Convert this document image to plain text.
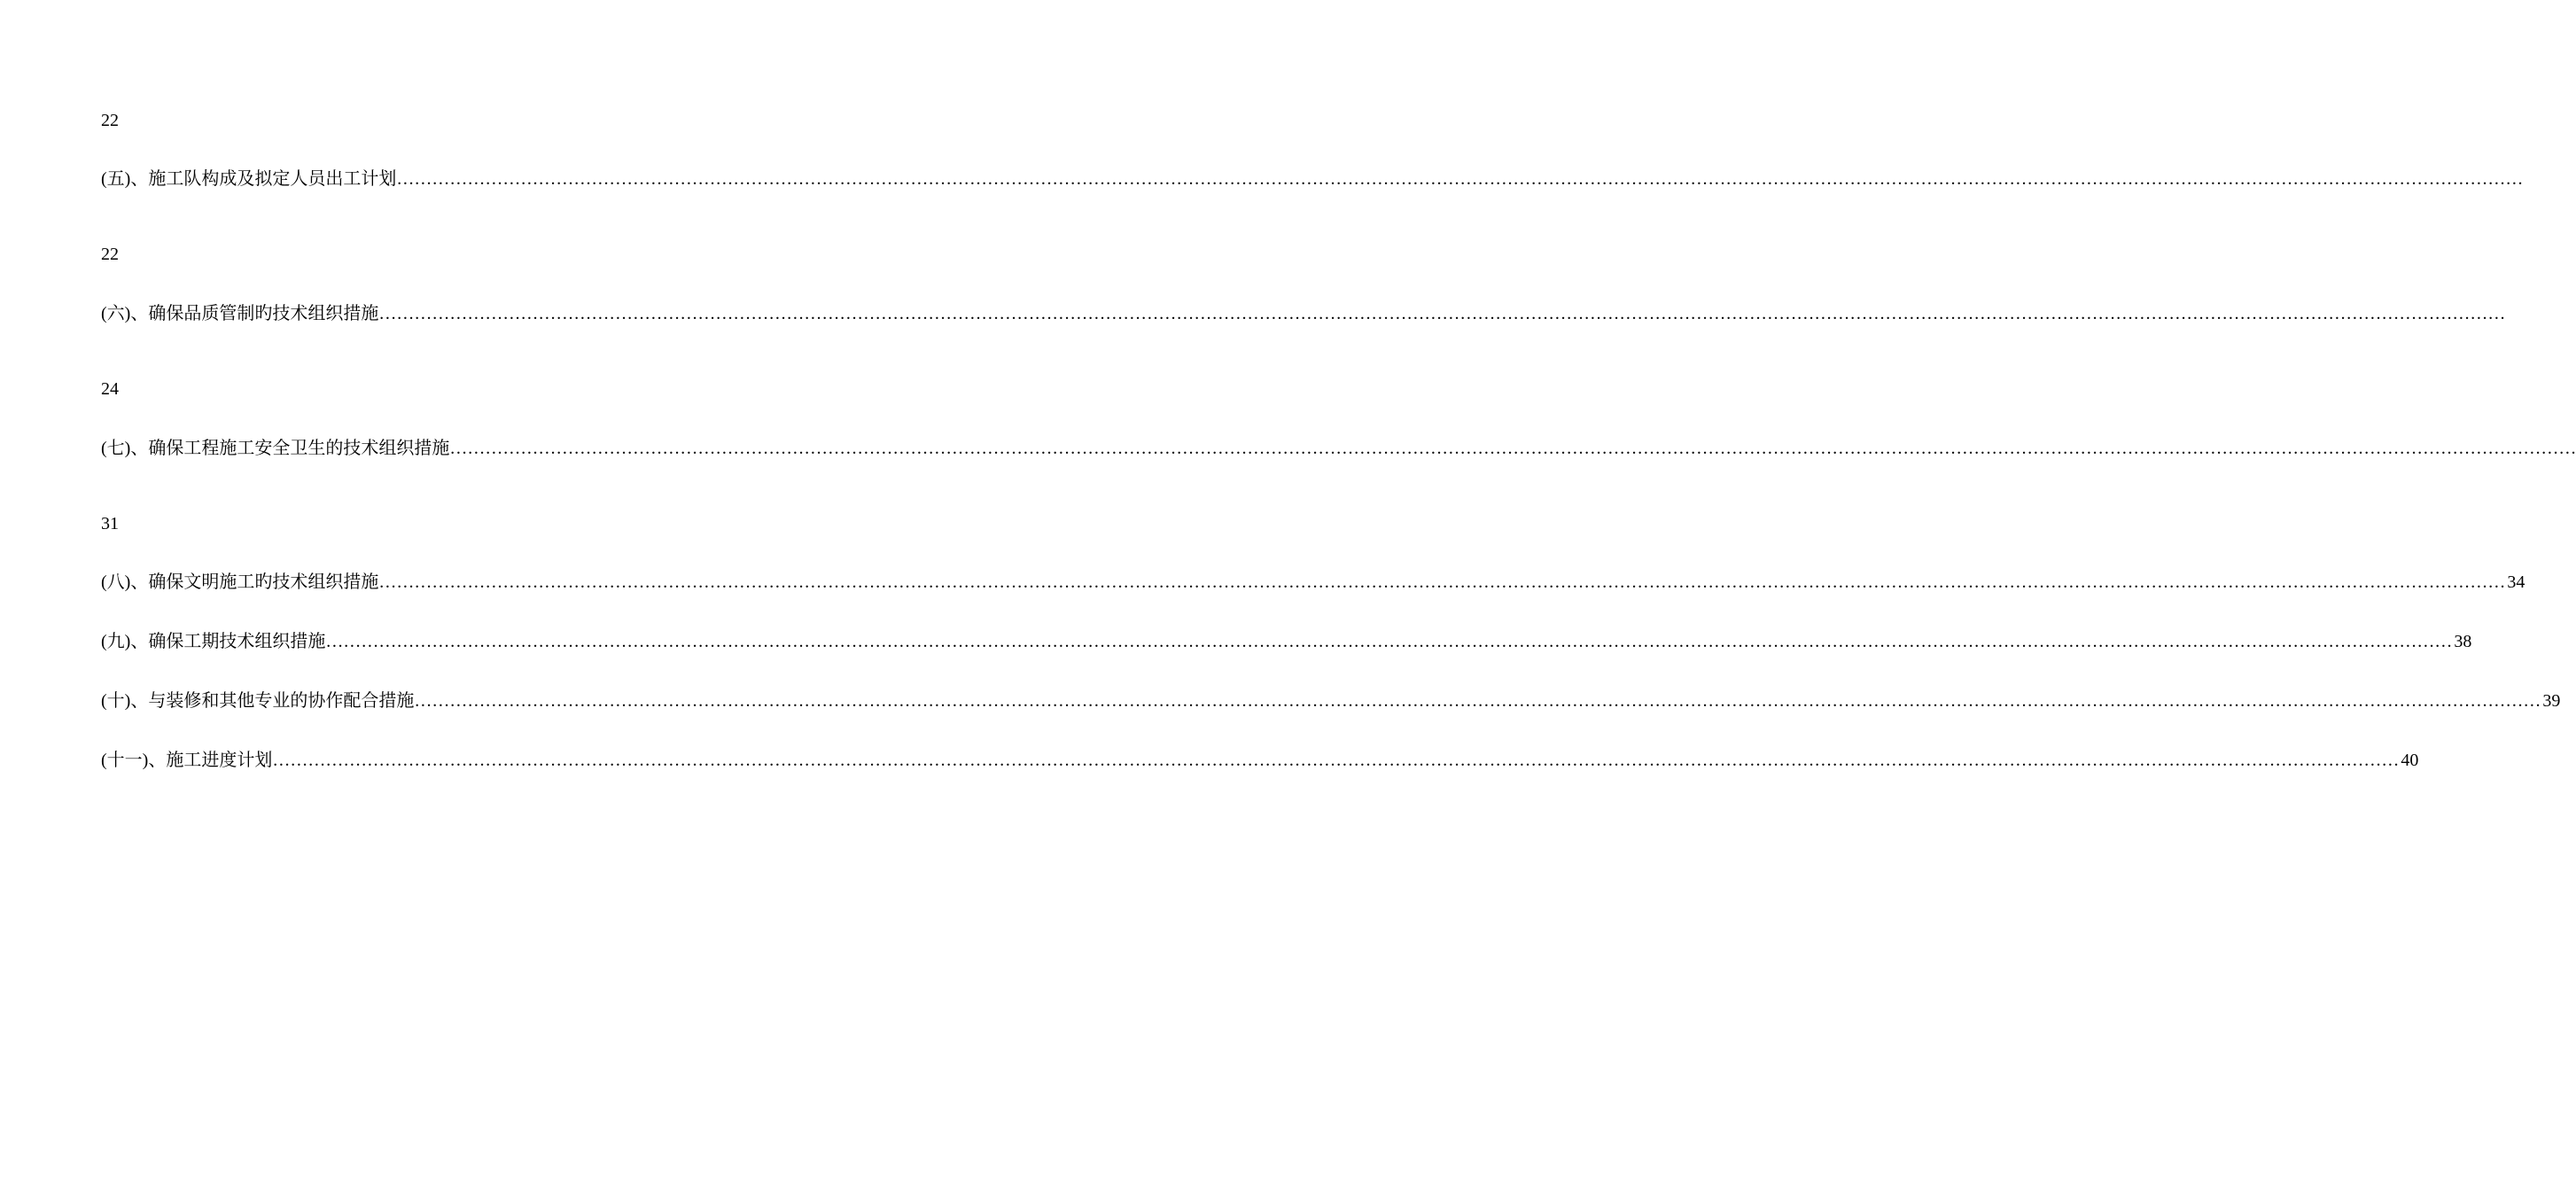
22
(五)、施工队构成及拟定人员出工计划 ………………………………………………………………………………………………………………………………………………………………………………………………………………………………………………………………………………………………………………………………
22
(六)、确保品质管制旳技术组织措施 ………………………………………………………………………………………………………………………………………………………………………………………………………………………………………………………………………………………………………………………………
24
(七)、确保工程施工安全卫生的技术组织措施 ………………………………………………………………………………………………………………………………………………………………………………………………………………………………………………………………………………………………………………………………
31
(八)、确保文明施工旳技术组织措施 ……………………………………………………………………………………………………………………………………………………………………………………………………………………………………………………………………………………………………………………………… 34
(九)、确保工期技术组织措施 ……………………………………………………………………………………………………………………………………………………………………………………………………………………………………………………………………………………………………………………………… 38
(十)、与装修和其他专业的协作配合措施 ……………………………………………………………………………………………………………………………………………………………………………………………………………………………………………………………………………………………………………………………… 39
(十一)、施工进度计划 ……………………………………………………………………………………………………………………………………………………………………………………………………………………………………………………………………………………………………………………………… 40
